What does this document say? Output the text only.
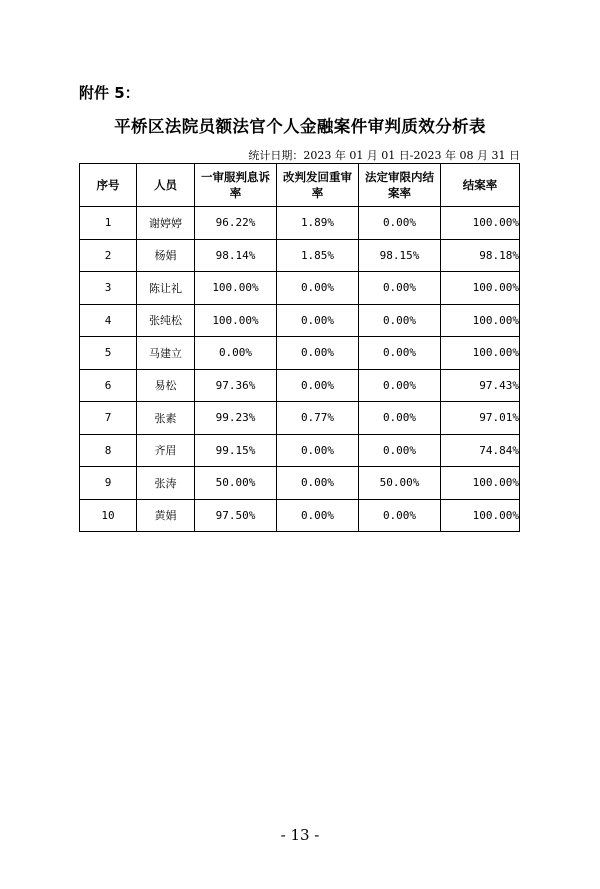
附件 5：
平桥区法院员额法官个人金融案件审判质效分析表
统计日期：2023 年 01 月 01 日-2023 年 08 月 31 日
序号	人员	一审服判息诉率	改判发回重审率	法定审限内结案率	结案率

1	谢婷婷	96.22%	1.89%	0.00%	100.00%
2	杨娟	98.14%	1.85%	98.15%	98.18%
3	陈让礼	100.00%	0.00%	0.00%	100.00%
4	张纯松	100.00%	0.00%	0.00%	100.00%
5	马建立	0.00%	0.00%	0.00%	100.00%
6	易松	97.36%	0.00%	0.00%	97.43%
7	张素	99.23%	0.77%	0.00%	97.01%
8	齐眉	99.15%	0.00%	0.00%	74.84%
9	张涛	50.00%	0.00%	50.00%	100.00%
10	黄娟	97.50%	0.00%	0.00%	100.00%
- 13 -
